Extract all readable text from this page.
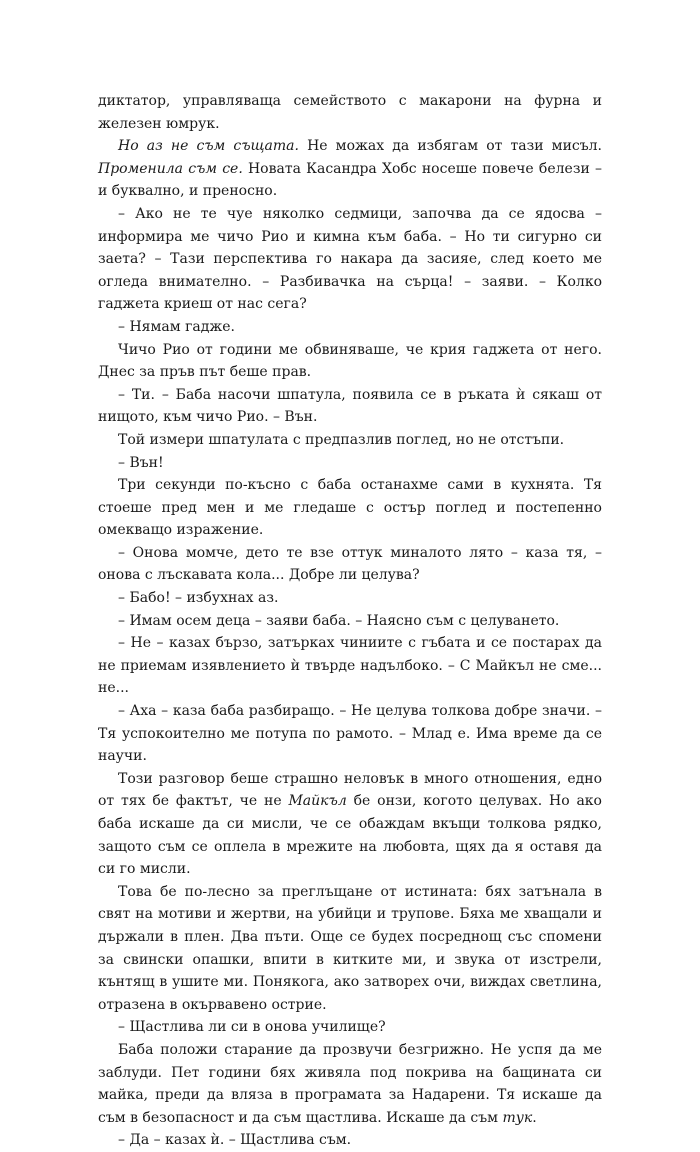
диктатор, управляваща семейството с макарони на фурна и железен юмрук.

Но аз не съм същата. Не можах да избягам от тази мисъл. Променила съм се. Новата Касандра Хобс носеше повече белези – и буквално, и преносно.

– Ако не те чуе няколко седмици, започва да се ядосва – информира ме чичо Рио и кимна към баба. – Но ти сигурно си заета? – Тази перспектива го накара да засияе, след което ме огледа внимателно. – Разбивачка на сърца! – заяви. – Колко гаджета криеш от нас сега?

– Нямам гадже.

Чичо Рио от години ме обвиняваше, че крия гаджета от него. Днес за пръв път беше прав.

– Ти. – Баба насочи шпатула, появила се в ръката ѝ сякаш от нищото, към чичо Рио. – Вън.

Той измери шпатулата с предпазлив поглед, но не отстъпи.

– Вън!

Три секунди по-късно с баба останахме сами в кухнята. Тя стоеше пред мен и ме гледаше с остър поглед и постепенно омекващо изражение.

– Онова момче, дето те взе оттук миналото лято – каза тя, – онова с лъскавата кола... Добре ли целува?

– Бабо! – избухнах аз.

– Имам осем деца – заяви баба. – Наясно съм с целуването.

– Не – казах бързо, затърках чиниите с гъбата и се постарах да не приемам изявлението ѝ твърде надълбоко. – С Майкъл не сме... не...

– Аха – каза баба разбиращо. – Не целува толкова добре значи. – Тя успокоително ме потупа по рамото. – Млад е. Има време да се научи.

Този разговор беше страшно неловък в много отношения, едно от тях бе фактът, че не Майкъл бе онзи, когото целувах. Но ако баба искаше да си мисли, че се обаждам вкъщи толкова рядко, защото съм се оплела в мрежите на любовта, щях да я оставя да си го мисли.

Това бе по-лесно за преглъщане от истината: бях затънала в свят на мотиви и жертви, на убийци и трупове. Бяха ме хващали и държали в плен. Два пъти. Още се будех посреднощ със спомени за свински опашки, впити в китките ми, и звука от изстрели, кънтящ в ушите ми. Понякога, ако затворех очи, виждах светлина, отразена в окървавено острие.

– Щастлива ли си в онова училище?

Баба положи старание да прозвучи безгрижно. Не успя да ме заблуди. Пет години бях живяла под покрива на бащината си майка, преди да вляза в програмата за Надарени. Тя искаше да съм в безопасност и да съм щастлива. Искаше да съм тук.

– Да – казах ѝ. – Щастлива съм.
